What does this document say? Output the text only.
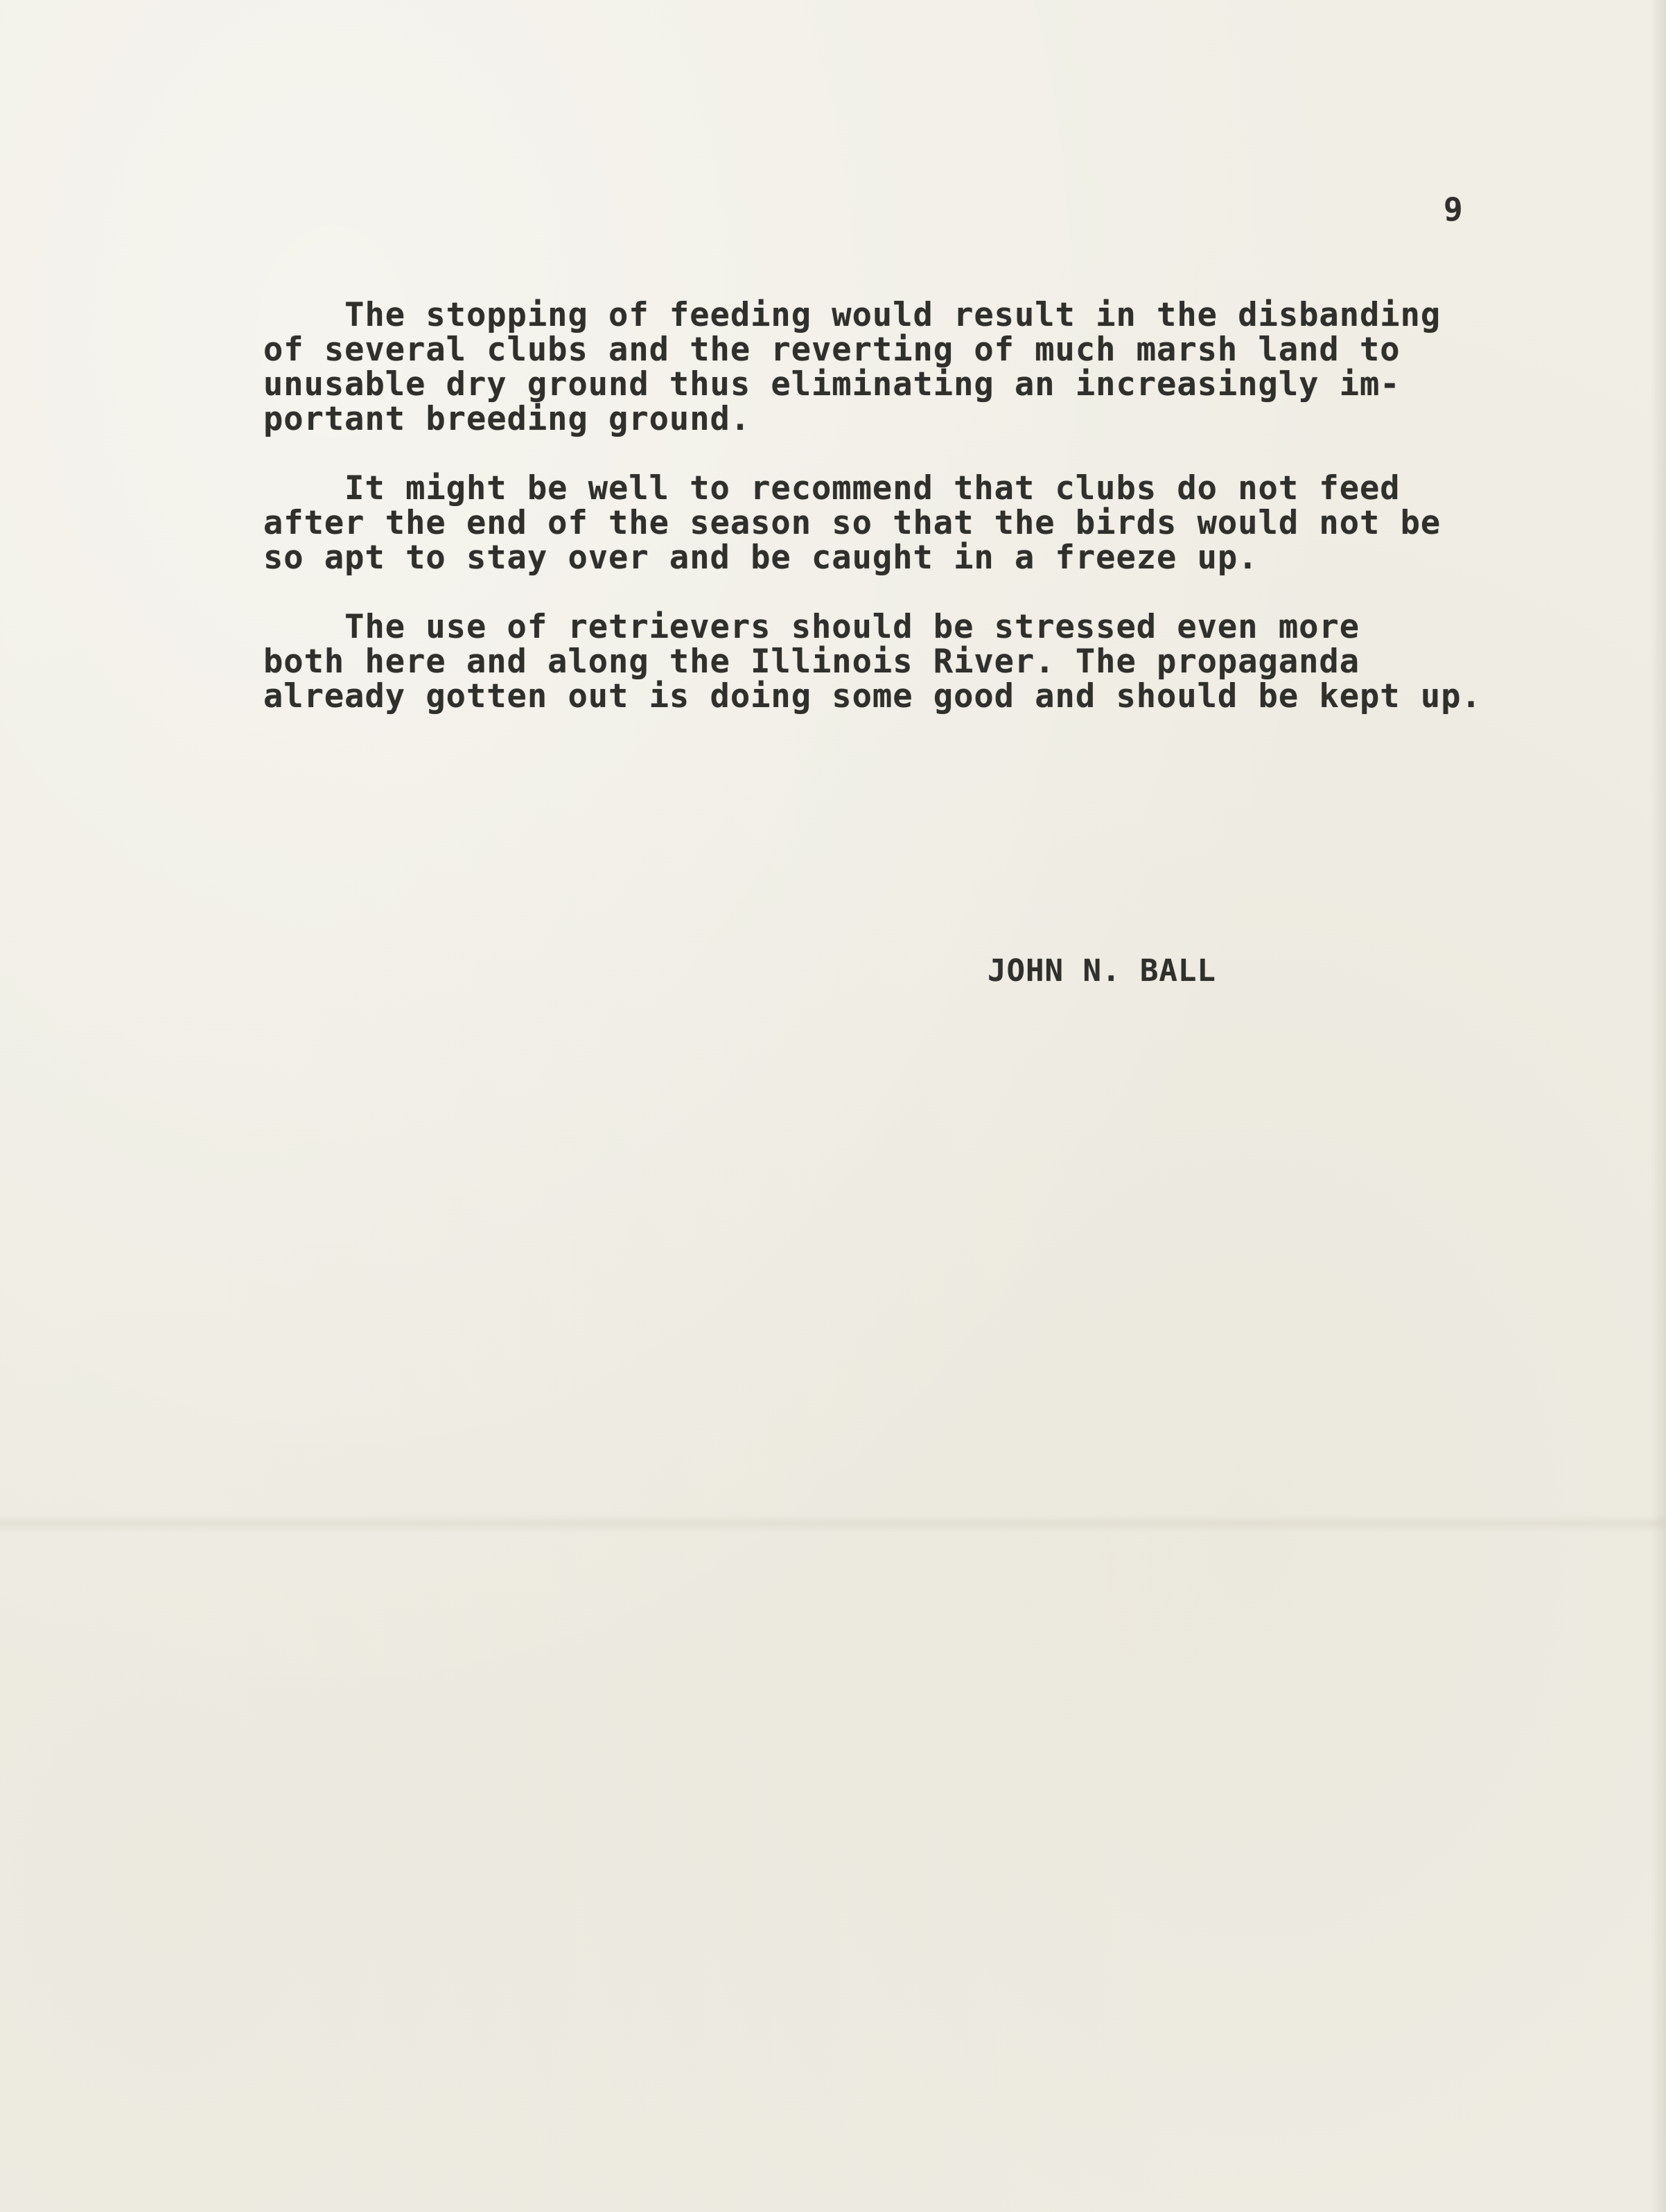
9
The stopping of feeding would result in the disbanding
of several clubs and the reverting of much marsh land to
unusable dry ground thus eliminating an increasingly im-
portant breeding ground.
It might be well to recommend that clubs do not feed
after the end of the season so that the birds would not be
so apt to stay over and be caught in a freeze up.
The use of retrievers should be stressed even more
both here and along the Illinois River. The propaganda
already gotten out is doing some good and should be kept up.
JOHN N. BALL
